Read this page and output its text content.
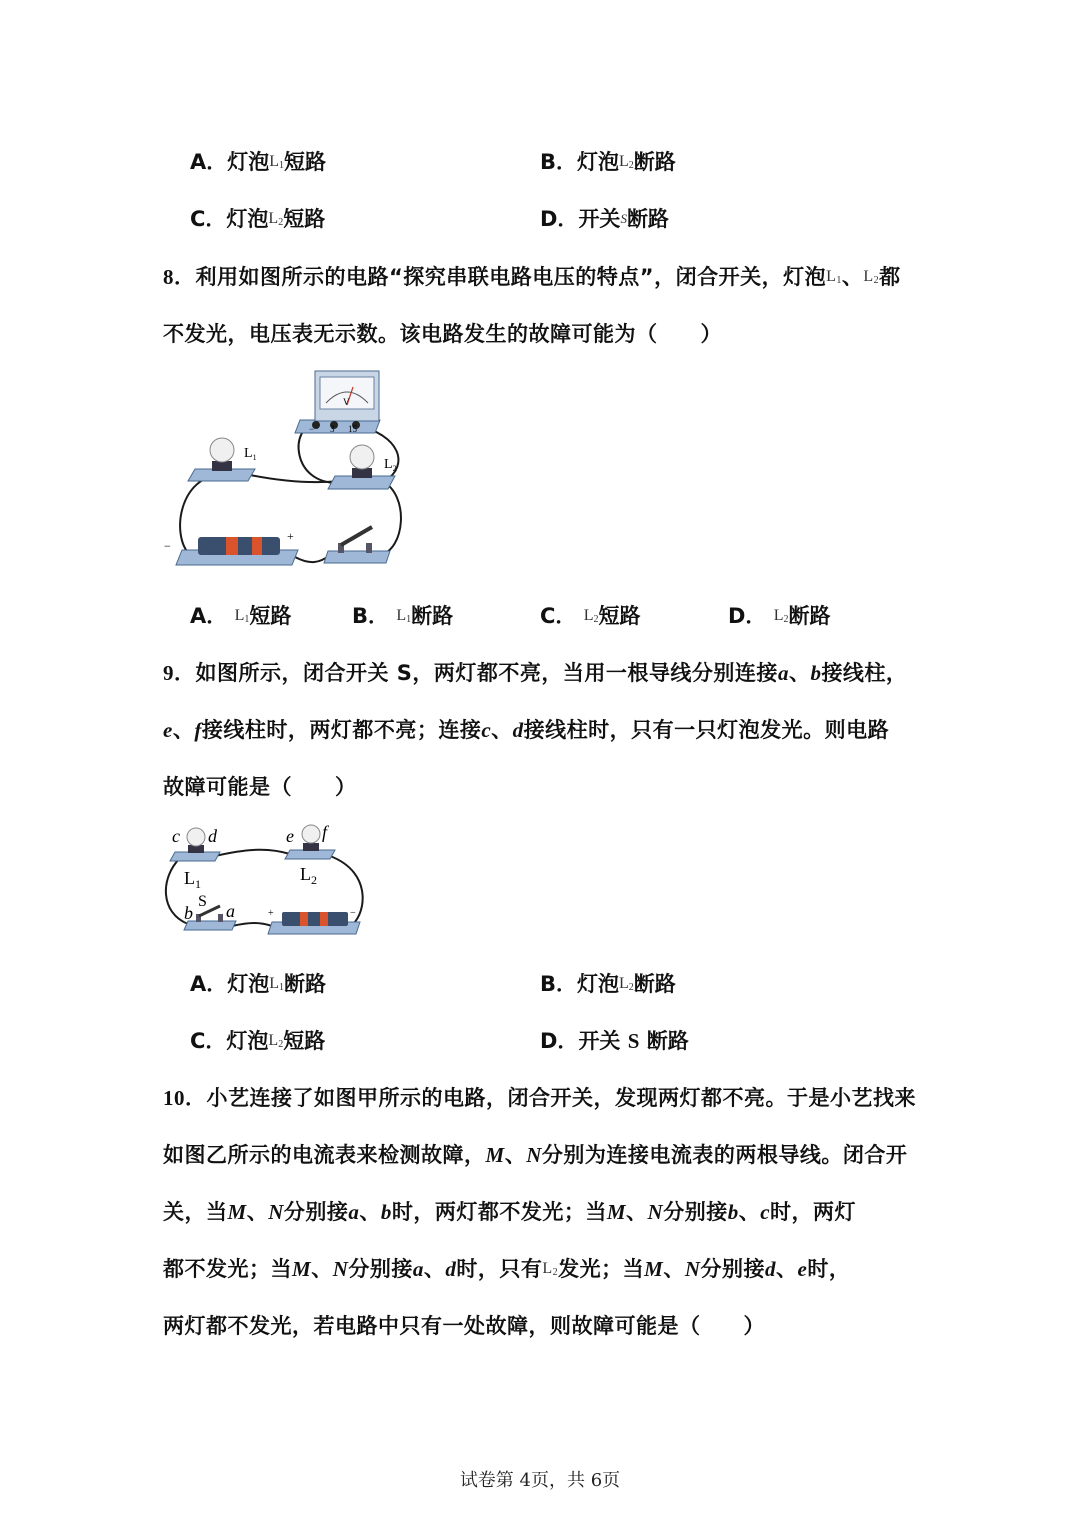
A．灯泡$L_1$短路	B．灯泡$L_2$断路
C．灯泡$L_2$短路	D．开关S断路
8．利用如图所示的电路“探究串联电路电压的特点”，闭合开关，灯泡$L_1$、$L_2$都
不发光，电压表无示数。该电路发生的故障可能为（　　）
V
− 3 15
$L_1$	$L_2$
−
+
A． $L_1$短路	B． $L_1$断路	C． $L_2$短路	D． $L_2$断路
9．如图所示，闭合开关 S，两灯都不亮，当用一根导线分别连接a、b接线柱，
e、f接线柱时，两灯都不亮；连接c、d接线柱时，只有一只灯泡发光。则电路
故障可能是（　　）
c d
$L_1$
e f
$L_2$
S
b a	+	−
A．灯泡$L_1$断路	B．灯泡$L_2$断路
C．灯泡$L_2$短路	D．开关 S 断路
10．小艺连接了如图甲所示的电路，闭合开关，发现两灯都不亮。于是小艺找来
如图乙所示的电流表来检测故障，M、N分别为连接电流表的两根导线。闭合开
关，当M、N分别接a、b时，两灯都不发光；当M、N分别接b、c时，两灯
都不发光；当M、N分别接a、d时，只有$L_2$发光；当M、N分别接d、e时，
两灯都不发光，若电路中只有一处故障，则故障可能是（　　）
试卷第 4页，共 6页
